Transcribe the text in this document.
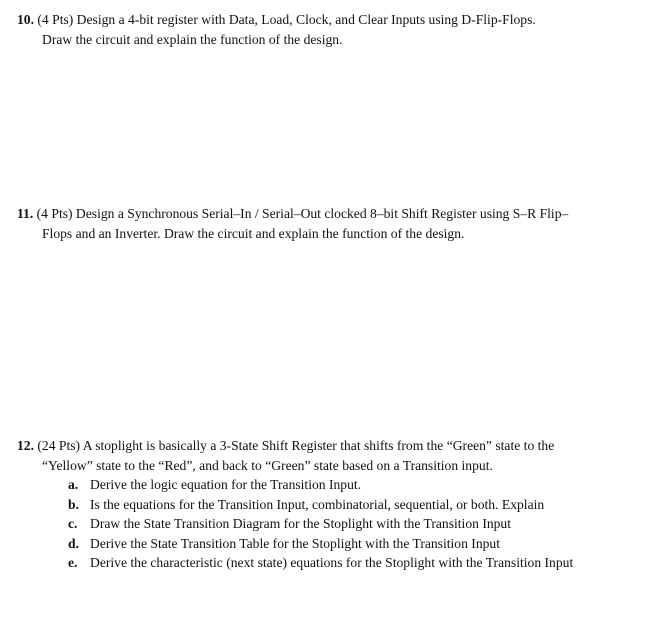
10. (4 Pts) Design a 4-bit register with Data, Load, Clock, and Clear Inputs using D-Flip-Flops.
Draw the circuit and explain the function of the design.
11. (4 Pts) Design a Synchronous Serial–In / Serial–Out clocked 8–bit Shift Register using S–R Flip–
Flops and an Inverter. Draw the circuit and explain the function of the design.
12. (24 Pts) A stoplight is basically a 3-State Shift Register that shifts from the “Green” state to the
“Yellow” state to the “Red”, and back to “Green” state based on a Transition input.
a. Derive the logic equation for the Transition Input.
b. Is the equations for the Transition Input, combinatorial, sequential, or both. Explain
c. Draw the State Transition Diagram for the Stoplight with the Transition Input
d. Derive the State Transition Table for the Stoplight with the Transition Input
e. Derive the characteristic (next state) equations for the Stoplight with the Transition Input
